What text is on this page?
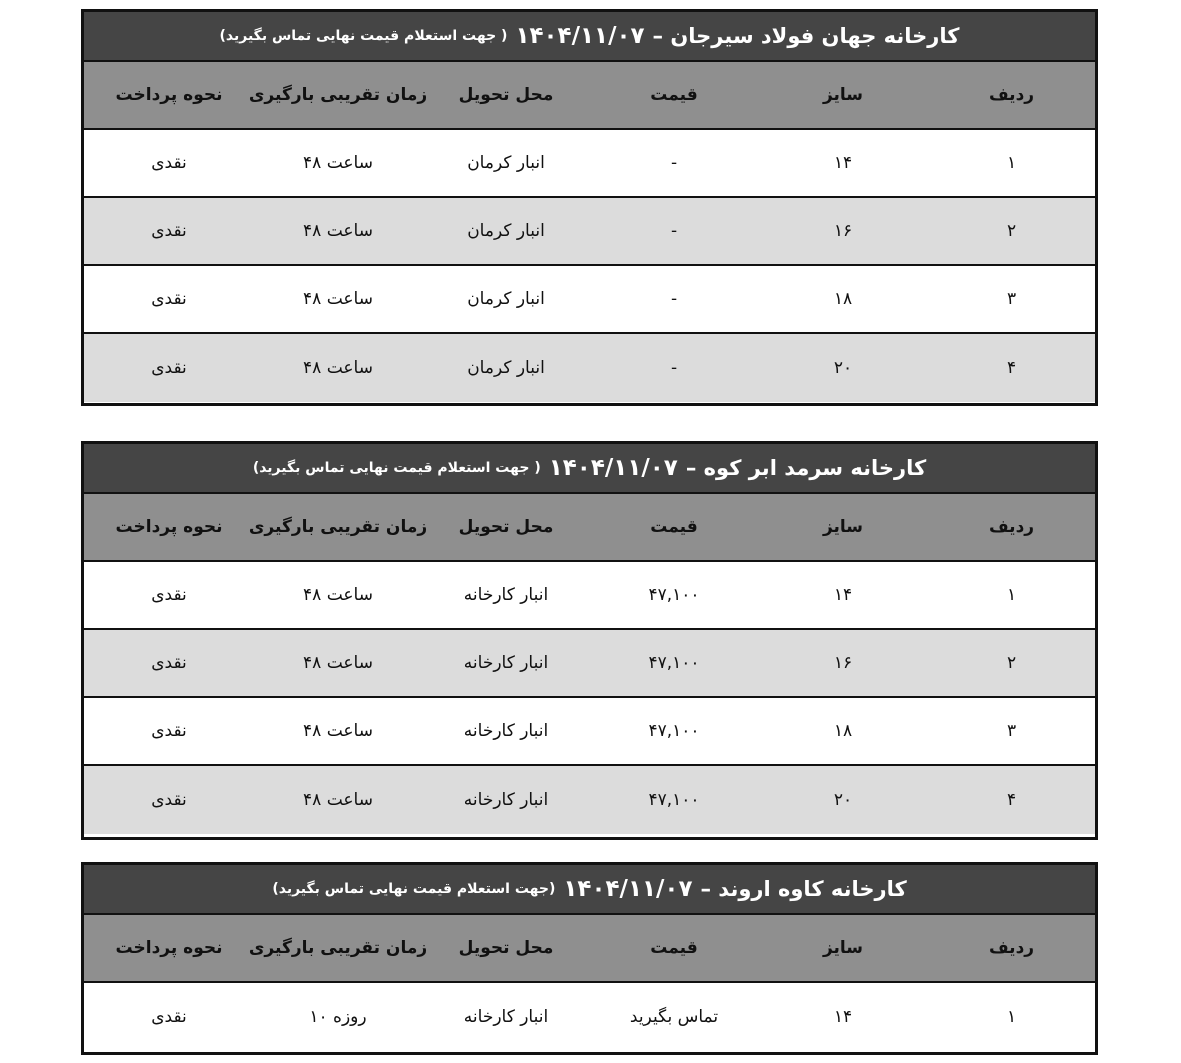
کارخانه جهان فولاد سیرجان –
۱۴۰۴/۱۱/۰۷
( جهت استعلام قیمت نهایی تماس بگیرید)
ردیف
سایز
قیمت
محل تحویل
زمان تقریبی بارگیری
نحوه پرداخت
۱
۱۴
-
انبار کرمان
ساعت ۴۸
نقدی
۲
۱۶
-
انبار کرمان
ساعت ۴۸
نقدی
۳
۱۸
-
انبار کرمان
ساعت ۴۸
نقدی
۴
۲۰
-
انبار کرمان
ساعت ۴۸
نقدی
کارخانه سرمد ابر کوه –
۱۴۰۴/۱۱/۰۷
( جهت استعلام قیمت نهایی تماس بگیرید)
ردیف
سایز
قیمت
محل تحویل
زمان تقریبی بارگیری
نحوه پرداخت
۱
۱۴
۴۷,۱۰۰
انبار کارخانه
ساعت ۴۸
نقدی
۲
۱۶
۴۷,۱۰۰
انبار کارخانه
ساعت ۴۸
نقدی
۳
۱۸
۴۷,۱۰۰
انبار کارخانه
ساعت ۴۸
نقدی
۴
۲۰
۴۷,۱۰۰
انبار کارخانه
ساعت ۴۸
نقدی
کارخانه کاوه اروند –
۱۴۰۴/۱۱/۰۷
(جهت استعلام قیمت نهایی تماس بگیرید)
ردیف
سایز
قیمت
محل تحویل
زمان تقریبی بارگیری
نحوه پرداخت
۱
۱۴
تماس بگیرید
انبار کارخانه
روزه ۱۰
نقدی
